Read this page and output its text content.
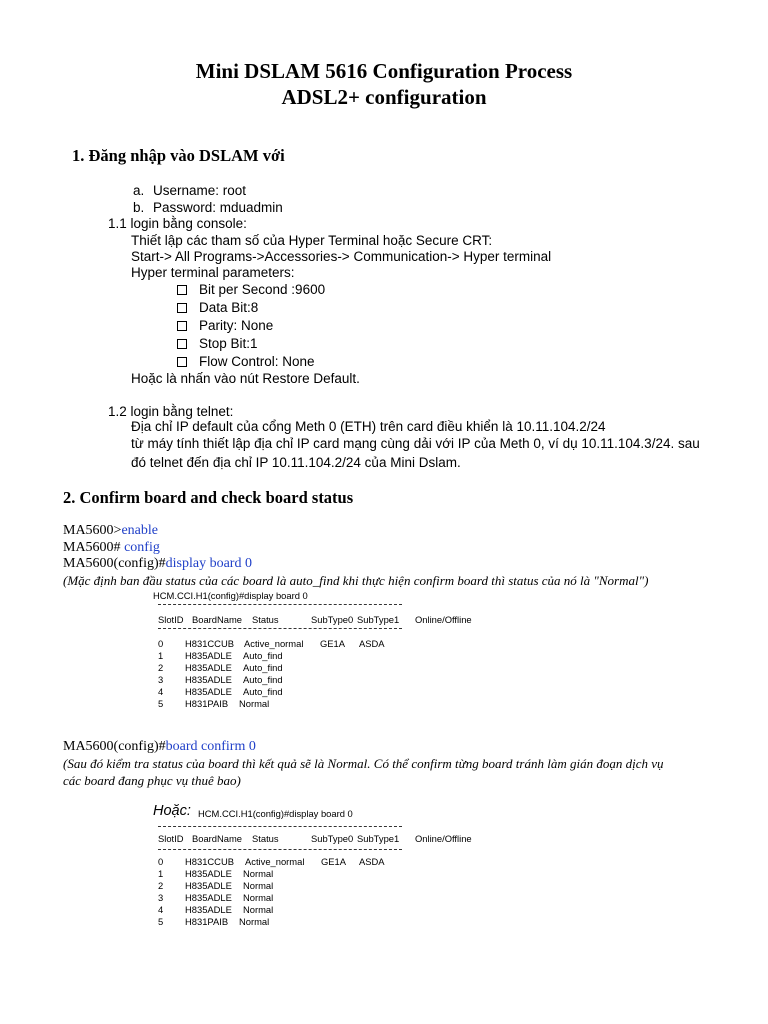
Mini DSLAM 5616 Configuration Process
ADSL2+ configuration
1. Đăng nhập vào DSLAM với
a. Username: root
b. Password: mduadmin
1.1 login bằng console:
Thiết lập các tham số của Hyper Terminal hoặc Secure CRT:
Start-> All Programs->Accessories-> Communication-> Hyper terminal
Hyper terminal parameters:
Bit per Second :9600
Data Bit:8
Parity: None
Stop Bit:1
Flow Control: None
Hoặc là nhấn vào nút Restore Default.
1.2 login bằng telnet:
Địa chỉ IP default của cổng Meth 0 (ETH) trên card điều khiển là 10.11.104.2/24
từ máy tính thiết lập địa chỉ IP card mạng cùng dải với IP của Meth 0, ví dụ 10.11.104.3/24. sau
đó telnet đến địa chỉ IP 10.11.104.2/24 của Mini Dslam.
2. Confirm board and check board status
MA5600>enable
MA5600# config
MA5600(config)#display board 0
(Mặc định ban đầu status của các board là auto_find khi thực hiện confirm board thì status của nó là "Normal")
HCM.CCI.H1(config)#display board 0
SlotID BoardName Status	SubType0 SubType1 Online/Offline
0 H831CCUB Active_normal GE1A ASDA
1 H835ADLE Auto_find
2 H835ADLE Auto_find
3 H835ADLE Auto_find
4 H835ADLE Auto_find
5 H831PAIB Normal
MA5600(config)#board confirm 0
(Sau đó kiểm tra status của board thì kết quả sẽ là Normal. Có thể confirm từng board tránh làm gián đoạn dịch vụ
các board đang phục vụ thuê bao)
Hoặc: HCM.CCI.H1(config)#display board 0
SlotID BoardName Status	SubType0 SubType1 Online/Offline
0 H831CCUB Active_normal GE1A ASDA
1 H835ADLE Normal
2 H835ADLE Normal
3 H835ADLE Normal
4 H835ADLE Normal
5 H831PAIB Normal
